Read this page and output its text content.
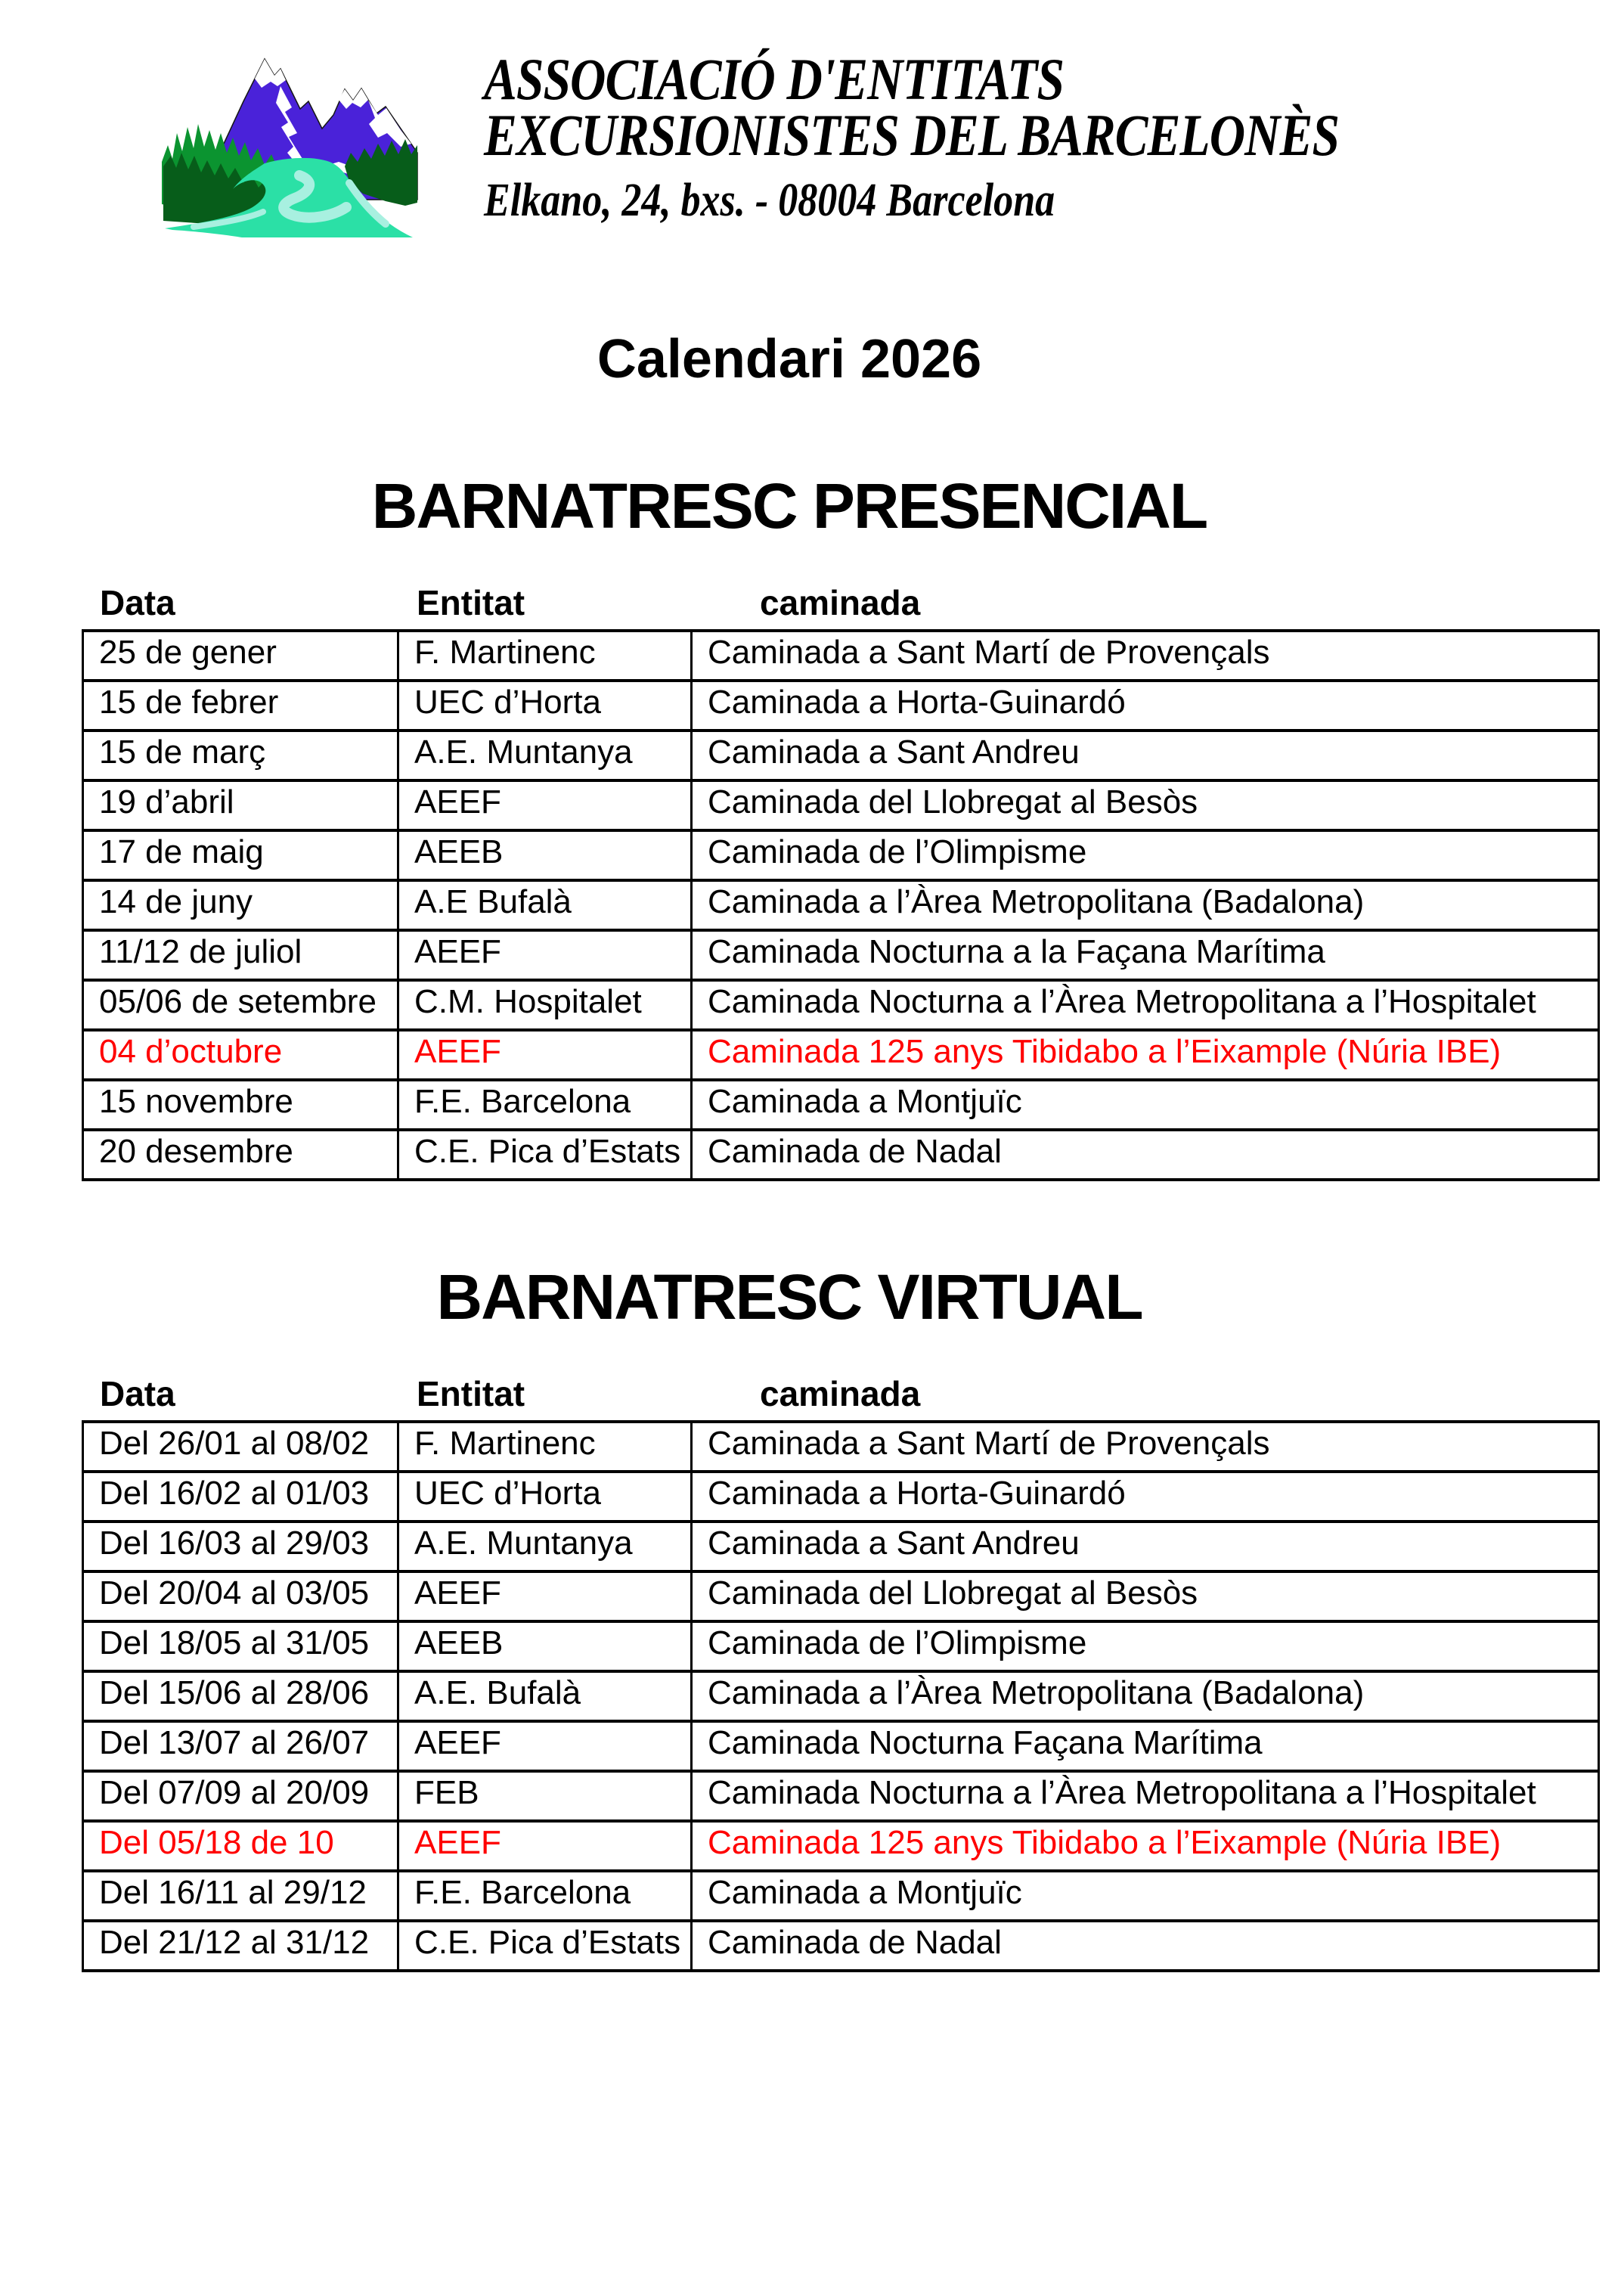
ASSOCIACIÓ D'ENTITATS
EXCURSIONISTES DEL BARCELONÈS
Elkano, 24, bxs. - 08004 Barcelona
Calendari 2026
BARNATRESC PRESENCIAL
Data	Entitat	caminada
25 de gener	F. Martinenc	Caminada a Sant Martí de Provençals
15 de febrer	UEC d’Horta	Caminada a Horta-Guinardó
15 de març	A.E. Muntanya	Caminada a Sant Andreu
19 d’abril	AEEF	Caminada del Llobregat al Besòs
17 de maig	AEEB	Caminada de l’Olimpisme
14 de juny	A.E Bufalà	Caminada a l’Àrea Metropolitana (Badalona)
11/12 de juliol	AEEF	Caminada Nocturna a la Façana Marítima
05/06 de setembre	C.M. Hospitalet	Caminada Nocturna a l’Àrea Metropolitana a l’Hospitalet
04 d’octubre	AEEF	Caminada 125 anys Tibidabo a l’Eixample (Núria IBE)
15 novembre	F.E. Barcelona	Caminada a Montjuïc
20 desembre	C.E. Pica d’Estats	Caminada de Nadal
BARNATRESC VIRTUAL
Data	Entitat	caminada
Del 26/01 al 08/02	F. Martinenc	Caminada a Sant Martí de Provençals
Del 16/02 al 01/03	UEC d’Horta	Caminada a Horta-Guinardó
Del 16/03 al 29/03	A.E. Muntanya	Caminada a Sant Andreu
Del 20/04 al 03/05	AEEF	Caminada del Llobregat al Besòs
Del 18/05 al 31/05	AEEB	Caminada de l’Olimpisme
Del 15/06 al 28/06	A.E. Bufalà	Caminada a l’Àrea Metropolitana (Badalona)
Del 13/07 al 26/07	AEEF	Caminada Nocturna Façana Marítima
Del 07/09 al 20/09	FEB	Caminada Nocturna a l’Àrea Metropolitana a l’Hospitalet
Del 05/18 de 10	AEEF	Caminada 125 anys Tibidabo a l’Eixample (Núria IBE)
Del 16/11 al 29/12	F.E. Barcelona	Caminada a Montjuïc
Del 21/12 al 31/12	C.E. Pica d’Estats	Caminada de Nadal
